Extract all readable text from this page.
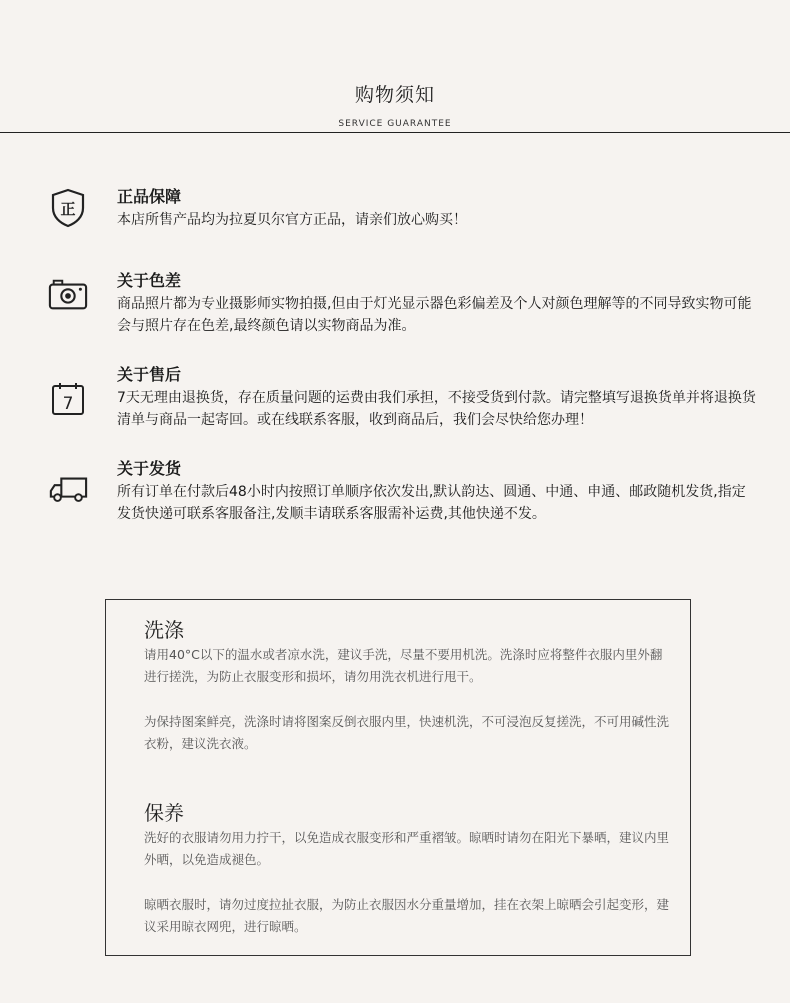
购物须知
SERVICE GUARANTEE
正
正品保障
本店所售产品均为拉夏贝尔官方正品，请亲们放心购买！
关于色差
商品照片都为专业摄影师实物拍摄,但由于灯光显示器色彩偏差及个人对颜色理解等的不同导致实物可能会与照片存在色差,最终颜色请以实物商品为准。
7
关于售后
7天无理由退换货，存在质量问题的运费由我们承担，不接受货到付款。请完整填写退换货单并将退换货清单与商品一起寄回。或在线联系客服，收到商品后，我们会尽快给您办理！
关于发货
所有订单在付款后48小时内按照订单顺序依次发出,默认韵达、圆通、中通、申通、邮政随机发货,指定发货快递可联系客服备注,发顺丰请联系客服需补运费,其他快递不发。
洗涤
请用40°C以下的温水或者凉水洗，建议手洗，尽量不要用机洗。洗涤时应将整件衣服内里外翻进行搓洗，为防止衣服变形和损坏，请勿用洗衣机进行甩干。
为保持图案鲜亮，洗涤时请将图案反倒衣服内里，快速机洗，不可浸泡反复搓洗，不可用碱性洗衣粉，建议洗衣液。
保养
洗好的衣服请勿用力拧干，以免造成衣服变形和严重褶皱。晾晒时请勿在阳光下暴晒，建议内里外晒，以免造成褪色。
晾晒衣服时，请勿过度拉扯衣服，为防止衣服因水分重量增加，挂在衣架上晾晒会引起变形，建议采用晾衣网兜，进行晾晒。
